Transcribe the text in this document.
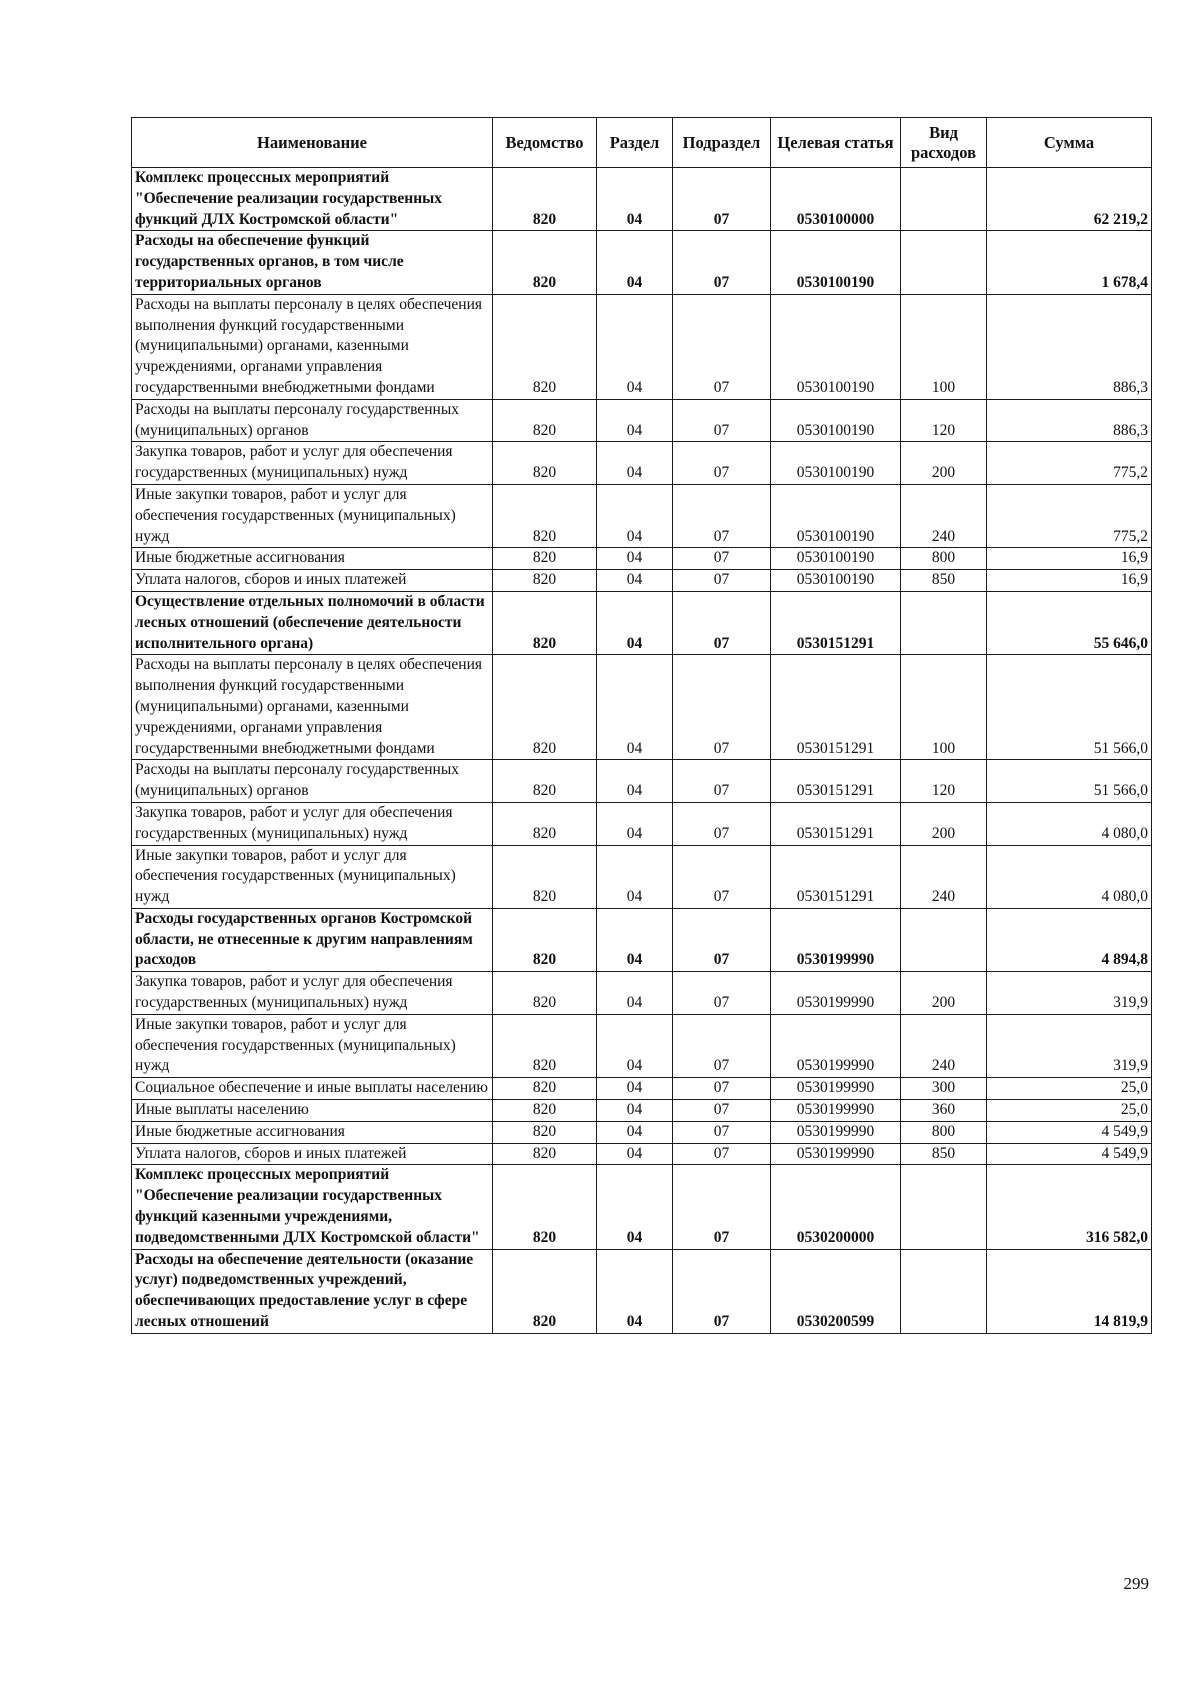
Наименование	Ведомство	Раздел	Подраздел	Целевая статья	Вид расходов	Сумма
Комплекс процессных мероприятий "Обеспечение реализации государственных функций ДЛХ Костромской области"	820	04	07	0530100000		62 219,2
Расходы на обеспечение функций государственных органов, в том числе территориальных органов	820	04	07	0530100190		1 678,4
Расходы на выплаты персоналу в целях обеспечения выполнения функций государственными (муниципальными) органами, казенными учреждениями, органами управления государственными внебюджетными фондами	820	04	07	0530100190	100	886,3
Расходы на выплаты персоналу государственных (муниципальных) органов	820	04	07	0530100190	120	886,3
Закупка товаров, работ и услуг для обеспечения государственных (муниципальных) нужд	820	04	07	0530100190	200	775,2
Иные закупки товаров, работ и услуг для обеспечения государственных (муниципальных) нужд	820	04	07	0530100190	240	775,2
Иные бюджетные ассигнования	820	04	07	0530100190	800	16,9
Уплата налогов, сборов и иных платежей	820	04	07	0530100190	850	16,9
Осуществление отдельных полномочий в области лесных отношений (обеспечение деятельности исполнительного органа)	820	04	07	0530151291		55 646,0
Расходы на выплаты персоналу в целях обеспечения выполнения функций государственными (муниципальными) органами, казенными учреждениями, органами управления государственными внебюджетными фондами	820	04	07	0530151291	100	51 566,0
Расходы на выплаты персоналу государственных (муниципальных) органов	820	04	07	0530151291	120	51 566,0
Закупка товаров, работ и услуг для обеспечения государственных (муниципальных) нужд	820	04	07	0530151291	200	4 080,0
Иные закупки товаров, работ и услуг для обеспечения государственных (муниципальных) нужд	820	04	07	0530151291	240	4 080,0
Расходы государственных органов Костромской области, не отнесенные к другим направлениям расходов	820	04	07	0530199990		4 894,8
Закупка товаров, работ и услуг для обеспечения государственных (муниципальных) нужд	820	04	07	0530199990	200	319,9
Иные закупки товаров, работ и услуг для обеспечения государственных (муниципальных) нужд	820	04	07	0530199990	240	319,9
Социальное обеспечение и иные выплаты населению	820	04	07	0530199990	300	25,0
Иные выплаты населению	820	04	07	0530199990	360	25,0
Иные бюджетные ассигнования	820	04	07	0530199990	800	4 549,9
Уплата налогов, сборов и иных платежей	820	04	07	0530199990	850	4 549,9
Комплекс процессных мероприятий "Обеспечение реализации государственных функций казенными учреждениями, подведомственными ДЛХ Костромской области"	820	04	07	0530200000		316 582,0
Расходы на обеспечение деятельности (оказание услуг) подведомственных учреждений, обеспечивающих предоставление услуг в сфере лесных отношений	820	04	07	0530200599		14 819,9
299
